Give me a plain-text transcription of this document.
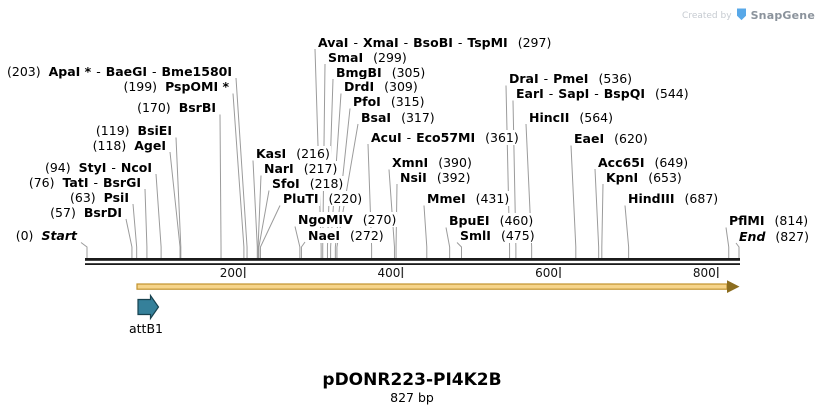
Created by SnapGene
(203) ApaI * - BaeGI - Bme1580I
(199) PspOMI *
(170) BsrBI
(119) BsiEI
(118) AgeI
(94) StyI - NcoI
(76) TatI - BsrGI
(63) PsiI
(57) BsrDI
(0) Start
KasI (216)
NarI (217)
SfoI (218)
PluTI (220)
NgoMIV (270)
NaeI (272)
AvaI - XmaI - BsoBI - TspMI (297)
SmaI (299)
BmgBI (305)
DrdI (309)
PfoI (315)
BsaI (317)
AcuI - Eco57MI (361)
XmnI (390)
NsiI (392)
MmeI (431)
BpuEI (460)
SmlI (475)
DraI - PmeI (536)
EarI - SapI - BspQI (544)
HincII (564)
EaeI (620)
Acc65I (649)
KpnI (653)
HindIII (687)
PflMI (814)
End (827)
attB1
pDONR223-PI4K2B
827 bp
200	400	600	800
